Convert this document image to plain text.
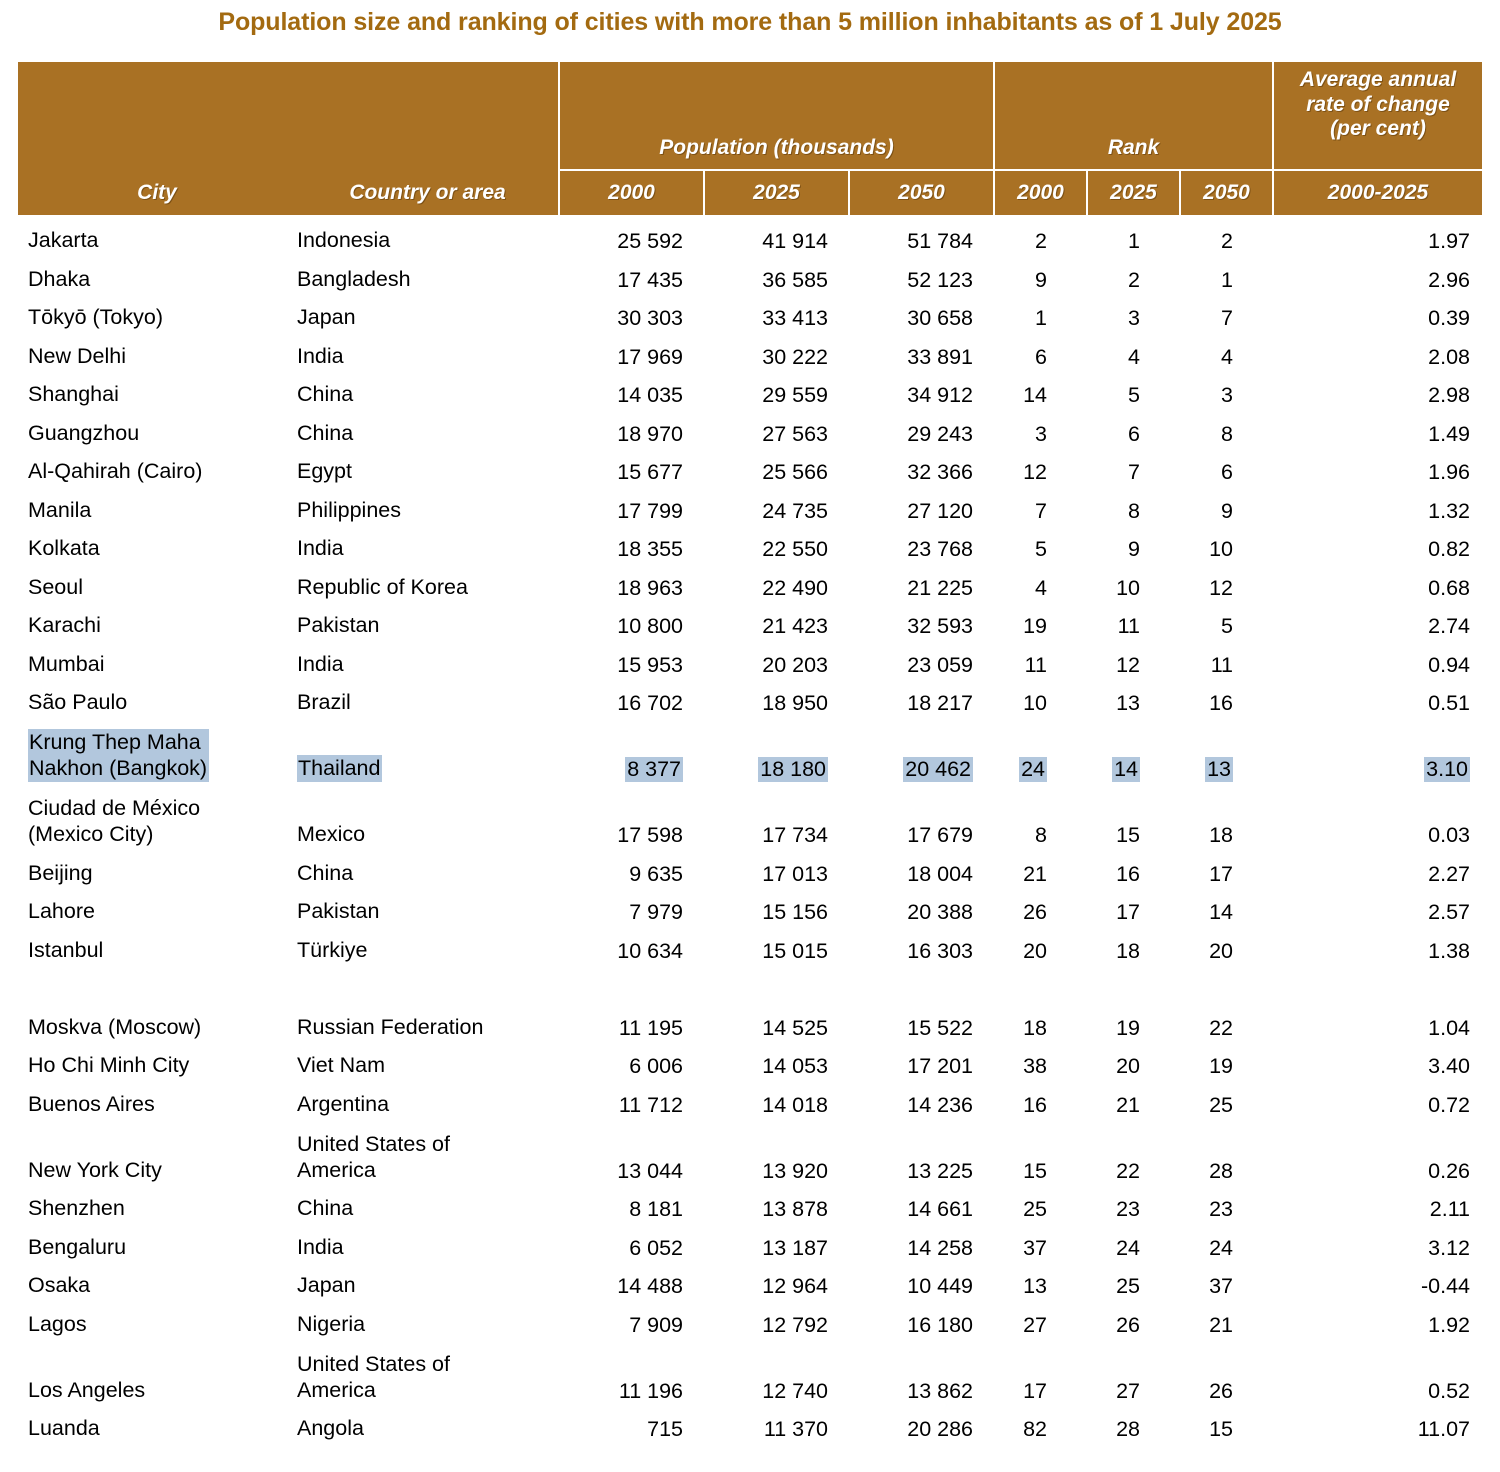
Population size and ranking of cities with more than 5 million inhabitants as of 1 July 2025
		Population (thousands)			Rank			Average annual
rate of change
(per cent)
City	Country or area	2000	2025	2050	2000	2025	2050	2000-2025
Jakarta	Indonesia	25 592	41 914	51 784	2	1	2	1.97
Dhaka	Bangladesh	17 435	36 585	52 123	9	2	1	2.96
Tōkyō (Tokyo)	Japan	30 303	33 413	30 658	1	3	7	0.39
New Delhi	India	17 969	30 222	33 891	6	4	4	2.08
Shanghai	China	14 035	29 559	34 912	14	5	3	2.98
Guangzhou	China	18 970	27 563	29 243	3	6	8	1.49
Al-Qahirah (Cairo)	Egypt	15 677	25 566	32 366	12	7	6	1.96
Manila	Philippines	17 799	24 735	27 120	7	8	9	1.32
Kolkata	India	18 355	22 550	23 768	5	9	10	0.82
Seoul	Republic of Korea	18 963	22 490	21 225	4	10	12	0.68
Karachi	Pakistan	10 800	21 423	32 593	19	11	5	2.74
Mumbai	India	15 953	20 203	23 059	11	12	11	0.94
São Paulo	Brazil	16 702	18 950	18 217	10	13	16	0.51
Krung Thep Maha
Nakhon (Bangkok)	Thailand	8 377	18 180	20 462	24	14	13	3.10
Ciudad de México
(Mexico City)	Mexico	17 598	17 734	17 679	8	15	18	0.03
Beijing	China	9 635	17 013	18 004	21	16	17	2.27
Lahore	Pakistan	7 979	15 156	20 388	26	17	14	2.57
Istanbul	Türkiye	10 634	15 015	16 303	20	18	20	1.38

Moskva (Moscow)	Russian Federation	11 195	14 525	15 522	18	19	22	1.04
Ho Chi Minh City	Viet Nam	6 006	14 053	17 201	38	20	19	3.40
Buenos Aires	Argentina	11 712	14 018	14 236	16	21	25	0.72
New York City	United States of
America	13 044	13 920	13 225	15	22	28	0.26
Shenzhen	China	8 181	13 878	14 661	25	23	23	2.11
Bengaluru	India	6 052	13 187	14 258	37	24	24	3.12
Osaka	Japan	14 488	12 964	10 449	13	25	37	-0.44
Lagos	Nigeria	7 909	12 792	16 180	27	26	21	1.92
Los Angeles	United States of
America	11 196	12 740	13 862	17	27	26	0.52
Luanda	Angola	715	11 370	20 286	82	28	15	11.07
